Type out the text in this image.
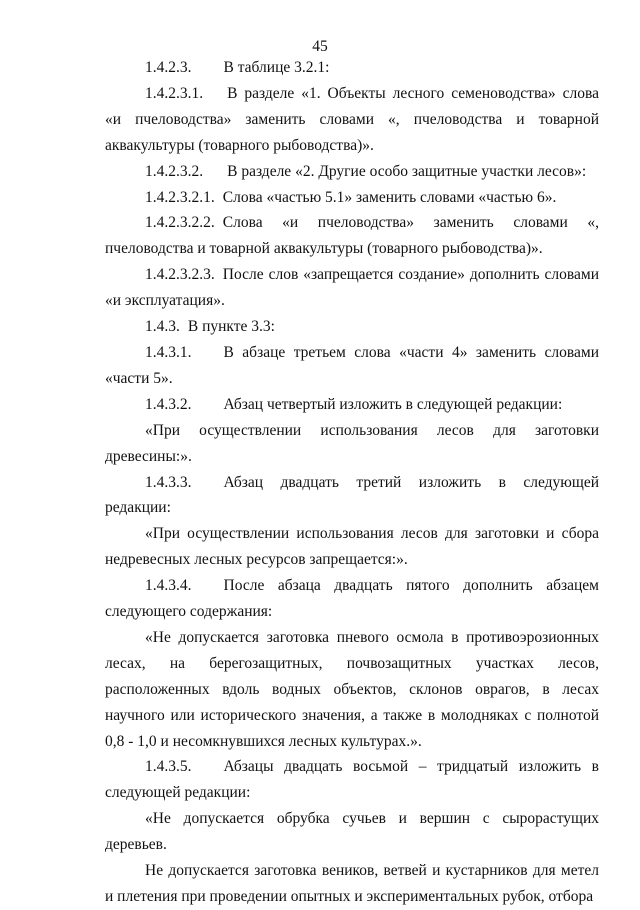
45

1.4.2.3. В таблице 3.2.1:

1.4.2.3.1. В разделе «1. Объекты лесного семеноводства» слова «и пчеловодства» заменить словами «, пчеловодства и товарной аквакультуры (товарного рыбоводства)».

1.4.2.3.2. В разделе «2. Другие особо защитные участки лесов»:

1.4.2.3.2.1. Слова «частью 5.1» заменить словами «частью 6».

1.4.2.3.2.2. Слова «и пчеловодства» заменить словами «, пчеловодства и товарной аквакультуры (товарного рыбоводства)».

1.4.2.3.2.3. После слов «запрещается создание» дополнить словами «и эксплуатация».

1.4.3. В пункте 3.3:

1.4.3.1. В абзаце третьем слова «части 4» заменить словами «части 5».

1.4.3.2. Абзац четвертый изложить в следующей редакции:

«При осуществлении использования лесов для заготовки древесины:».

1.4.3.3. Абзац двадцать третий изложить в следующей редакции:

«При осуществлении использования лесов для заготовки и сбора недревесных лесных ресурсов запрещается:».

1.4.3.4. После абзаца двадцать пятого дополнить абзацем следующего содержания:

«Не допускается заготовка пневого осмола в противоэрозионных лесах, на берегозащитных, почвозащитных участках лесов, расположенных вдоль водных объектов, склонов оврагов, в лесах научного или исторического значения, а также в молодняках с полнотой 0,8 - 1,0 и несомкнувшихся лесных культурах.».

1.4.3.5. Абзацы двадцать восьмой – тридцатый изложить в следующей редакции:

«Не допускается обрубка сучьев и вершин с сырорастущих деревьев.

Не допускается заготовка веников, ветвей и кустарников для метел и плетения при проведении опытных и экспериментальных рубок, отбора
